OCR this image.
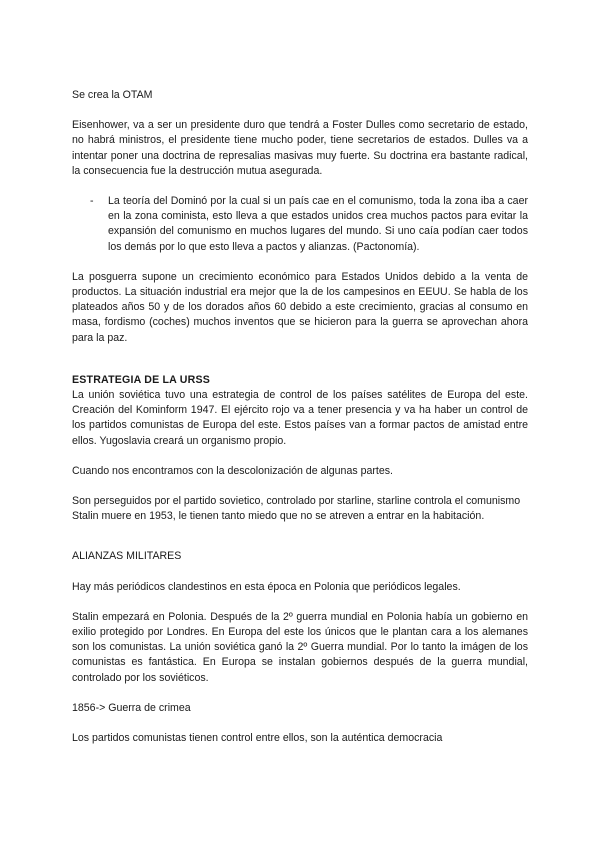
Se crea la OTAM

Eisenhower, va a ser un presidente duro que tendrá a Foster Dulles como secretario de estado, no habrá ministros, el presidente tiene mucho poder, tiene secretarios de estados. Dulles va a intentar poner una doctrina de represalias masivas muy fuerte. Su doctrina era bastante radical, la consecuencia fue la destrucción mutua asegurada.

-	La teoría del Dominó por la cual si un país cae en el comunismo, toda la zona iba a caer en la zona cominista, esto lleva a que estados unidos crea muchos pactos para evitar la expansión del comunismo en muchos lugares del mundo. Si uno caía podían caer todos los demás por lo que esto lleva a pactos y alianzas. (Pactonomía).

La posguerra supone un crecimiento económico para Estados Unidos debido a la venta de productos. La situación industrial era mejor que la de los campesinos en EEUU. Se habla de los plateados años 50 y de los dorados años 60 debido a este crecimiento, gracias al consumo en masa, fordismo (coches) muchos inventos que se hicieron para la guerra se aprovechan ahora para la paz.

ESTRATEGIA DE LA URSS

La unión soviética tuvo una estrategia de control de los países satélites de Europa del este. Creación del Kominform 1947. El ejército rojo va a tener presencia y va ha haber un control de los partidos comunistas de Europa del este. Estos países van a formar pactos de amistad entre ellos. Yugoslavia creará un organismo propio.

Cuando nos encontramos con la descolonización de algunas partes.

Son perseguidos por el partido sovietico, controlado por starline, starline controla el comunismo

Stalin muere en 1953, le tienen tanto miedo que no se atreven a entrar en la habitación.

ALIANZAS MILITARES

Hay más periódicos clandestinos en esta época en Polonia que periódicos legales.

Stalin empezará en Polonia. Después de la 2º guerra mundial en Polonia había un gobierno en exilio protegido por Londres. En Europa del este los únicos que le plantan cara a los alemanes son los comunistas. La unión soviética ganó la 2º Guerra mundial. Por lo tanto la imágen de los comunistas es fantástica. En Europa se instalan gobiernos después de la guerra mundial, controlado por los soviéticos.

1856-> Guerra de crimea

Los partidos comunistas tienen control entre ellos, son la auténtica democracia
